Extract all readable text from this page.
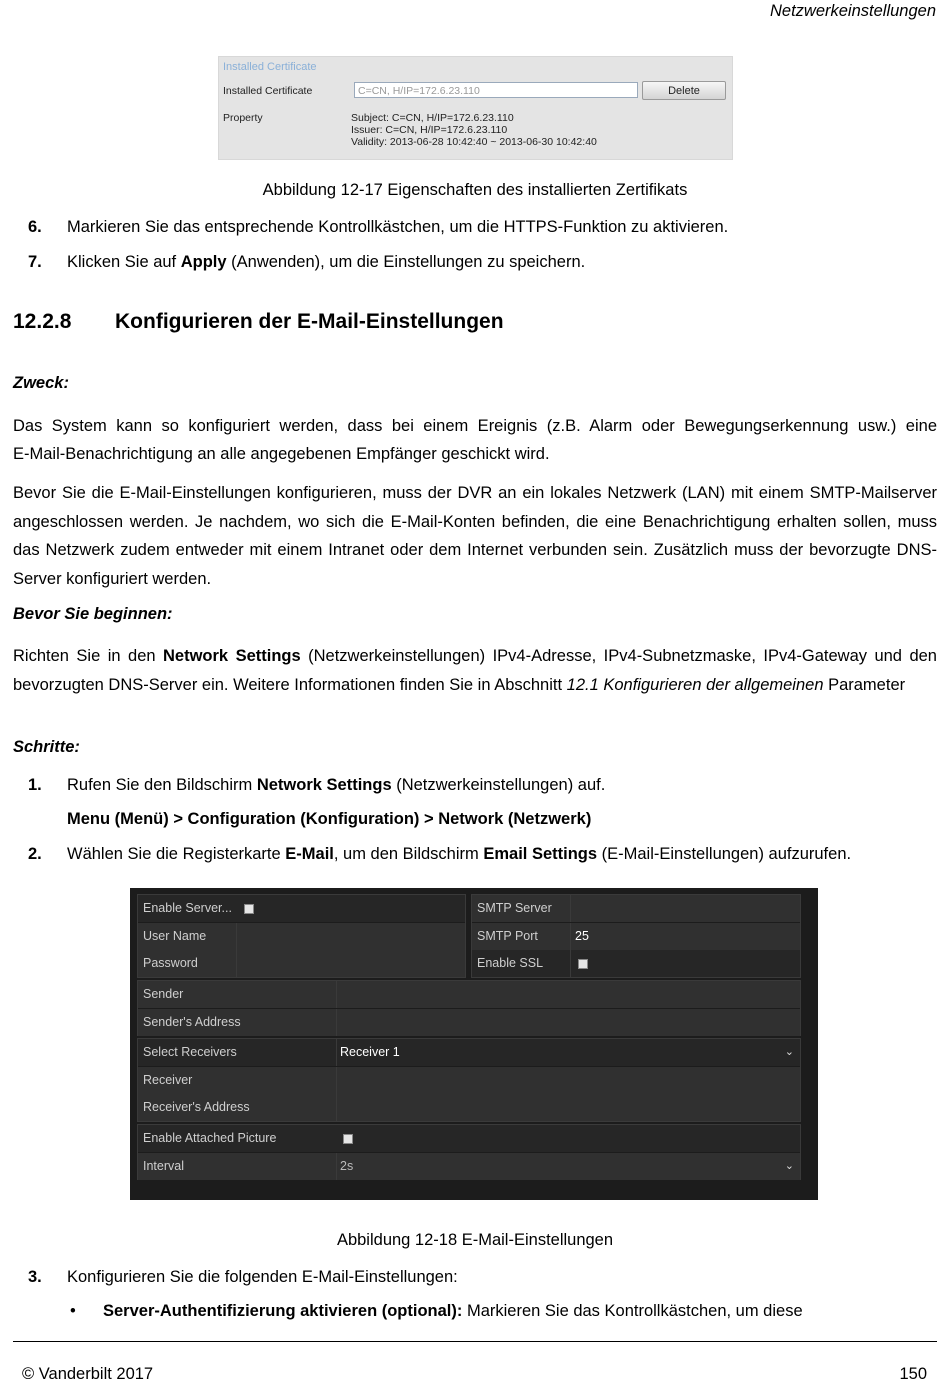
Netzwerkeinstellungen
Installed Certificate
Installed Certificate	C=CN, H/IP=172.6.23.110	Delete
Property	Subject: C=CN, H/IP=172.6.23.110
Issuer: C=CN, H/IP=172.6.23.110
Validity: 2013-06-28 10:42:40 ~ 2013-06-30 10:42:40
Abbildung 12-17 Eigenschaften des installierten Zertifikats
6. Markieren Sie das entsprechende Kontrollkästchen, um die HTTPS-Funktion zu aktivieren.
7. Klicken Sie auf Apply (Anwenden), um die Einstellungen zu speichern.
12.2.8 Konfigurieren der E-Mail-Einstellungen
Zweck:
Das System kann so konfiguriert werden, dass bei einem Ereignis (z.B. Alarm oder Bewegungserkennung usw.) eine
E-Mail-Benachrichtigung an alle angegebenen Empfänger geschickt wird.
Bevor Sie die E-Mail-Einstellungen konfigurieren, muss der DVR an ein lokales Netzwerk (LAN) mit einem SMTP-Mailserver angeschlossen werden. Je nachdem, wo sich die E-Mail-Konten befinden, die eine Benachrichtigung erhalten sollen, muss das Netzwerk zudem entweder mit einem Intranet oder dem Internet verbunden sein. Zusätzlich muss der bevorzugte DNS-Server konfiguriert werden.
Bevor Sie beginnen:
Richten Sie in den Network Settings (Netzwerkeinstellungen) IPv4-Adresse, IPv4-Subnetzmaske, IPv4-Gateway und den bevorzugten DNS-Server ein. Weitere Informationen finden Sie in Abschnitt 12.1 Konfigurieren der allgemeinen Parameter
Schritte:
1. Rufen Sie den Bildschirm Network Settings (Netzwerkeinstellungen) auf.
Menu (Menü) > Configuration (Konfiguration) > Network (Netzwerk)
2. Wählen Sie die Registerkarte E-Mail, um den Bildschirm Email Settings (E-Mail-Einstellungen) aufzurufen.
Enable Server...
User Name
Password
SMTP Server
SMTP Port	25
Enable SSL
Sender
Sender's Address
Select Receivers	Receiver 1	⌄
Receiver
Receiver's Address
Enable Attached Picture
Interval	2s	⌄
Abbildung 12-18 E-Mail-Einstellungen
3. Konfigurieren Sie die folgenden E-Mail-Einstellungen:
• Server-Authentifizierung aktivieren (optional): Markieren Sie das Kontrollkästchen, um diese
© Vanderbilt 2017	150
